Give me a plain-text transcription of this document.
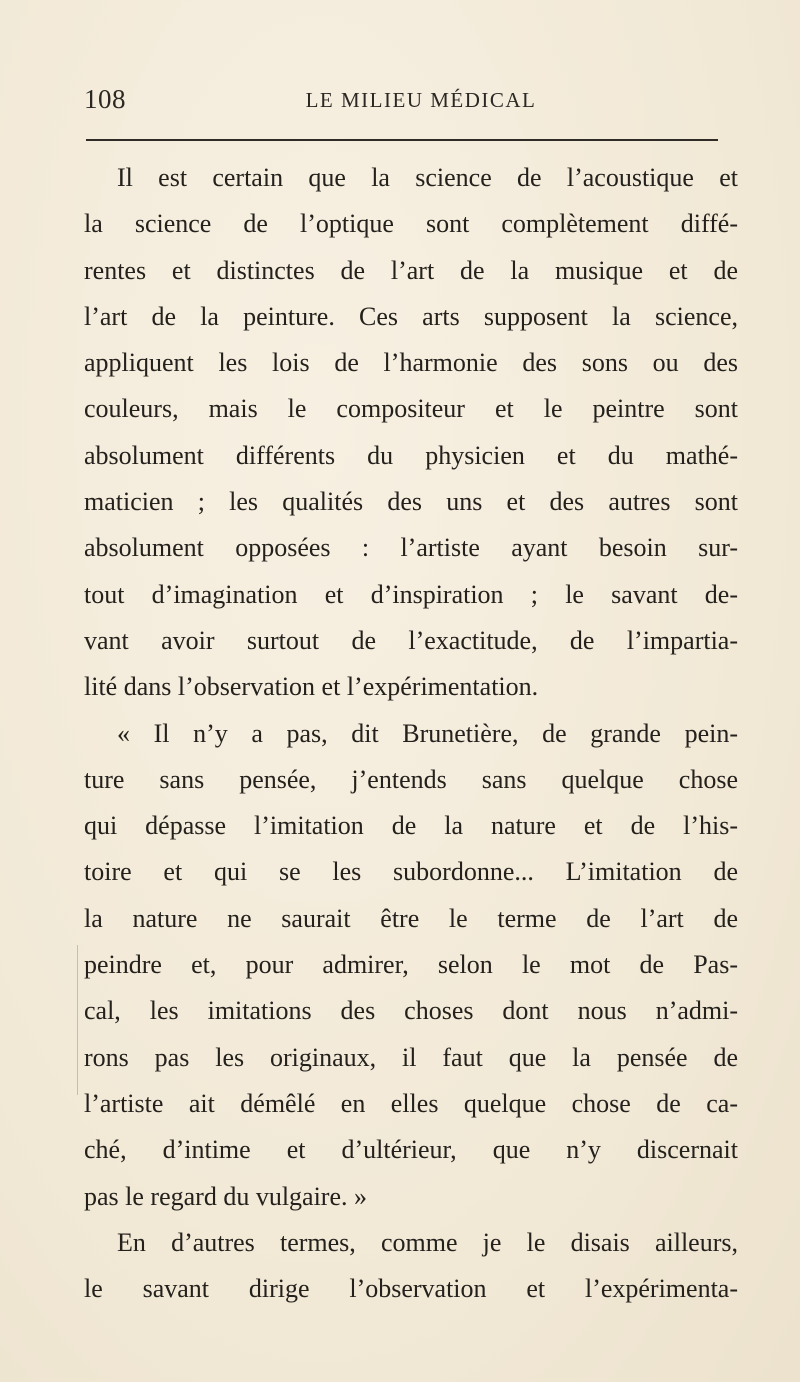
108	LE MILIEU MÉDICAL
Il est certain que la science de l’acoustique et
la science de l’optique sont complètement diffé-
rentes et distinctes de l’art de la musique et de
l’art de la peinture. Ces arts supposent la science,
appliquent les lois de l’harmonie des sons ou des
couleurs, mais le compositeur et le peintre sont
absolument différents du physicien et du mathé-
maticien ; les qualités des uns et des autres sont
absolument opposées : l’artiste ayant besoin sur-
tout d’imagination et d’inspiration ; le savant de-
vant avoir surtout de l’exactitude, de l’impartia-
lité dans l’observation et l’expérimentation.
« Il n’y a pas, dit Brunetière, de grande pein-
ture sans pensée, j’entends sans quelque chose
qui dépasse l’imitation de la nature et de l’his-
toire et qui se les subordonne... L’imitation de
la nature ne saurait être le terme de l’art de
peindre et, pour admirer, selon le mot de Pas-
cal, les imitations des choses dont nous n’admi-
rons pas les originaux, il faut que la pensée de
l’artiste ait démêlé en elles quelque chose de ca-
ché, d’intime et d’ultérieur, que n’y discernait
pas le regard du vulgaire. »
En d’autres termes, comme je le disais ailleurs,
le savant dirige l’observation et l’expérimenta-
